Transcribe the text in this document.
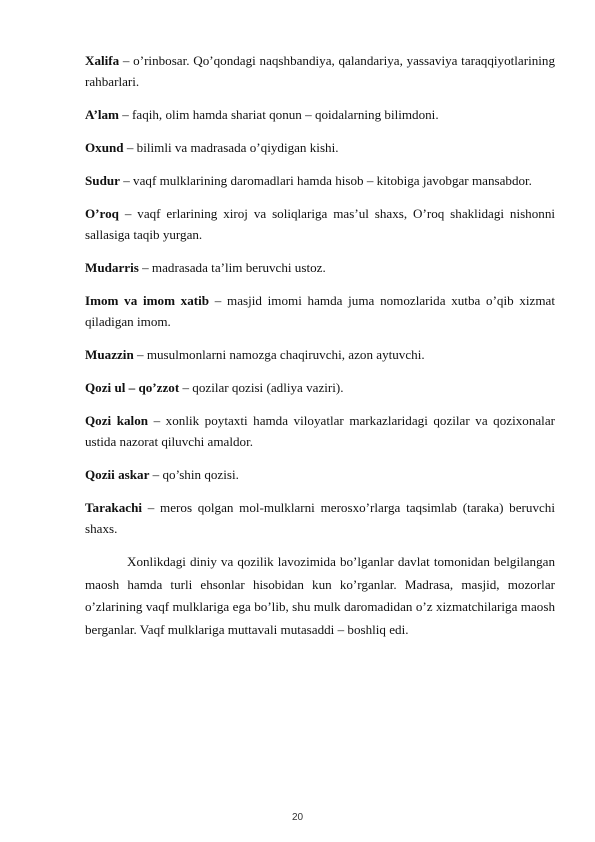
Xalifa – o’rinbosar. Qo’qondagi naqshbandiya, qalandariya, yassaviya taraqqiyotlarining rahbarlari.

A’lam – faqih, olim hamda shariat qonun – qoidalarning bilimdoni.

Oxund – bilimli va madrasada o’qiydigan kishi.

Sudur – vaqf mulklarining daromadlari hamda hisob – kitobiga javobgar mansabdor.

O’roq – vaqf erlarining xiroj va soliqlariga mas’ul shaxs, O’roq shaklidagi nishonni sallasiga taqib yurgan.

Mudarris – madrasada ta’lim beruvchi ustoz.

Imom va imom xatib – masjid imomi hamda juma nomozlarida xutba o’qib xizmat qiladigan imom.

Muazzin – musulmonlarni namozga chaqiruvchi, azon aytuvchi.

Qozi ul – qo’zzot – qozilar qozisi (adliya vaziri).

Qozi kalon – xonlik poytaxti hamda viloyatlar markazlaridagi qozilar va qozixonalar ustida nazorat qiluvchi amaldor.

Qozii askar – qo’shin qozisi.

Tarakachi – meros qolgan mol-mulklarni merosxo’rlarga taqsimlab (taraka) beruvchi shaxs.

Xonlikdagi diniy va qozilik lavozimida bo’lganlar davlat tomonidan belgilangan maosh hamda turli ehsonlar hisobidan kun ko’rganlar. Madrasa, masjid, mozorlar o’zlarining vaqf mulklariga ega bo’lib, shu mulk daromadidan o’z xizmatchilariga maosh berganlar. Vaqf mulklariga muttavali mutasaddi – boshliq edi.

20
